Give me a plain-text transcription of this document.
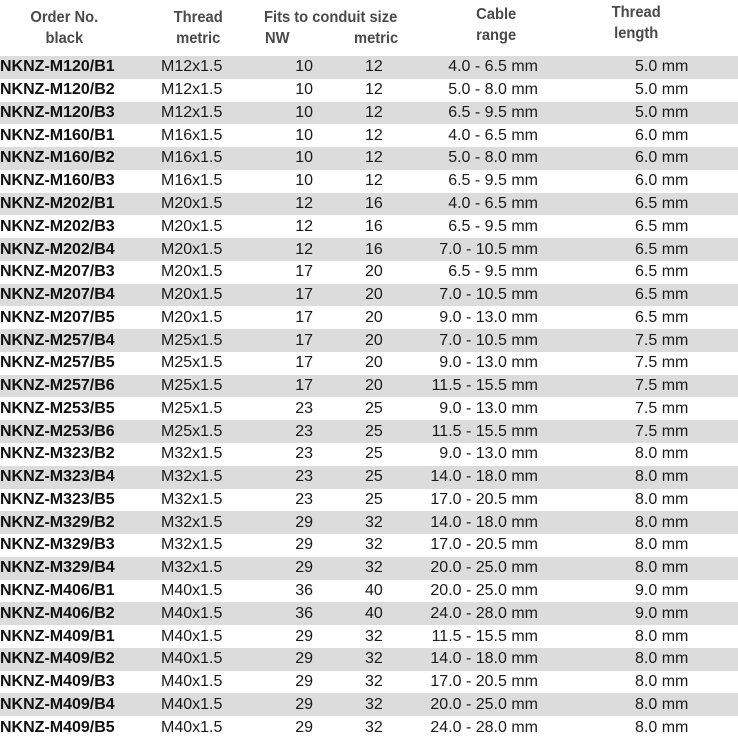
Order No.
black
Thread
metric
Fits to conduit size
NW	metric
Cable
range
Thread
length
NKNZ-M120/B1	M12x1.5	10	12	4.0 - 6.5 mm	5.0 mm
NKNZ-M120/B2	M12x1.5	10	12	5.0 - 8.0 mm	5.0 mm
NKNZ-M120/B3	M12x1.5	10	12	6.5 - 9.5 mm	5.0 mm
NKNZ-M160/B1	M16x1.5	10	12	4.0 - 6.5 mm	6.0 mm
NKNZ-M160/B2	M16x1.5	10	12	5.0 - 8.0 mm	6.0 mm
NKNZ-M160/B3	M16x1.5	10	12	6.5 - 9.5 mm	6.0 mm
NKNZ-M202/B1	M20x1.5	12	16	4.0 - 6.5 mm	6.5 mm
NKNZ-M202/B3	M20x1.5	12	16	6.5 - 9.5 mm	6.5 mm
NKNZ-M202/B4	M20x1.5	12	16	7.0 - 10.5 mm	6.5 mm
NKNZ-M207/B3	M20x1.5	17	20	6.5 - 9.5 mm	6.5 mm
NKNZ-M207/B4	M20x1.5	17	20	7.0 - 10.5 mm	6.5 mm
NKNZ-M207/B5	M20x1.5	17	20	9.0 - 13.0 mm	6.5 mm
NKNZ-M257/B4	M25x1.5	17	20	7.0 - 10.5 mm	7.5 mm
NKNZ-M257/B5	M25x1.5	17	20	9.0 - 13.0 mm	7.5 mm
NKNZ-M257/B6	M25x1.5	17	20	11.5 - 15.5 mm	7.5 mm
NKNZ-M253/B5	M25x1.5	23	25	9.0 - 13.0 mm	7.5 mm
NKNZ-M253/B6	M25x1.5	23	25	11.5 - 15.5 mm	7.5 mm
NKNZ-M323/B2	M32x1.5	23	25	9.0 - 13.0 mm	8.0 mm
NKNZ-M323/B4	M32x1.5	23	25	14.0 - 18.0 mm	8.0 mm
NKNZ-M323/B5	M32x1.5	23	25	17.0 - 20.5 mm	8.0 mm
NKNZ-M329/B2	M32x1.5	29	32	14.0 - 18.0 mm	8.0 mm
NKNZ-M329/B3	M32x1.5	29	32	17.0 - 20.5 mm	8.0 mm
NKNZ-M329/B4	M32x1.5	29	32	20.0 - 25.0 mm	8.0 mm
NKNZ-M406/B1	M40x1.5	36	40	20.0 - 25.0 mm	9.0 mm
NKNZ-M406/B2	M40x1.5	36	40	24.0 - 28.0 mm	9.0 mm
NKNZ-M409/B1	M40x1.5	29	32	11.5 - 15.5 mm	8.0 mm
NKNZ-M409/B2	M40x1.5	29	32	14.0 - 18.0 mm	8.0 mm
NKNZ-M409/B3	M40x1.5	29	32	17.0 - 20.5 mm	8.0 mm
NKNZ-M409/B4	M40x1.5	29	32	20.0 - 25.0 mm	8.0 mm
NKNZ-M409/B5	M40x1.5	29	32	24.0 - 28.0 mm	8.0 mm
